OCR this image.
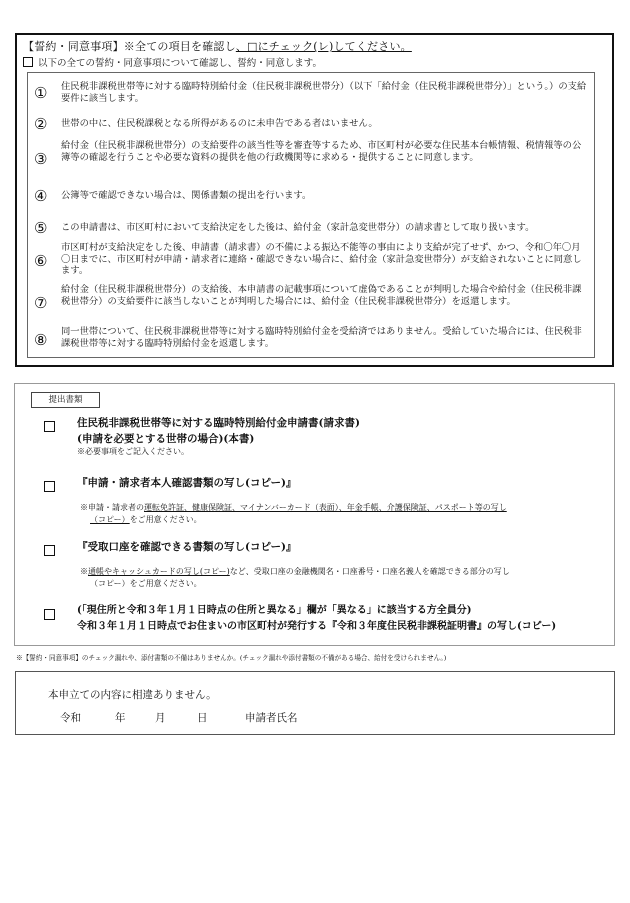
【誓約・同意事項】※全ての項目を確認し、□にチェック(レ)してください。
以下の全ての誓約・同意事項について確認し、誓約・同意します。
① 住民税非課税世帯等に対する臨時特別給付金（住民税非課税世帯分）（以下「給付金（住民税非課税世帯分）」という。）の支給要件に該当します。
② 世帯の中に、住民税課税となる所得があるのに未申告である者はいません。
③
給付金（住民税非課税世帯分）の支給要件の該当性等を審査等するため、市区町村が必要な住民基本台帳情報、税情報等の公簿等の確認を行うことや必要な資料の提供を他の行政機関等に求める・提供することに同意します。
④ 公簿等で確認できない場合は、関係書類の提出を行います。
⑤ この申請書は、市区町村において支給決定をした後は、給付金（家計急変世帯分）の請求書として取り扱います。
⑥
市区町村が支給決定をした後、申請書（請求書）の不備による振込不能等の事由により支給が完了せず、かつ、令和〇年〇月〇日までに、市区町村が申請・請求者に連絡・確認できない場合に、給付金（家計急変世帯分）が支給されないことに同意します。
⑦
給付金（住民税非課税世帯分）の支給後、本申請書の記載事項について虚偽であることが判明した場合や給付金（住民税非課税世帯分）の支給要件に該当しないことが判明した場合には、給付金（住民税非課税世帯分）を返還します。
⑧ 同一世帯について、住民税非課税世帯等に対する臨時特別給付金を受給済ではありません。受給していた場合には、住民税非課税世帯等に対する臨時特別給付金を返還します。
提出書類
住民税非課税世帯等に対する臨時特別給付金申請書(請求書)
(申請を必要とする世帯の場合)(本書)
※必要事項をご記入ください。
『申請・請求者本人確認書類の写し(コピー)』
※申請・請求者の運転免許証、健康保険証、マイナンバーカード（表面）、年金手帳、介護保険証、パスポート等の写し
（コピー）をご用意ください。
『受取口座を確認できる書類の写し(コピー)』
※通帳やキャッシュカードの写し(コピー)など、受取口座の金融機関名・口座番号・口座名義人を確認できる部分の写し
（コピー）をご用意ください。
(「現住所と令和３年１月１日時点の住所と異なる」欄が「異なる」に該当する方全員分)
令和３年１月１日時点でお住まいの市区町村が発行する『令和３年度住民税非課税証明書』の写し(コピー)
※【誓約・同意事項】のチェック漏れや、添付書類の不備はありませんか。(チェック漏れや添付書類の不備がある場合、給付を受けられません。)
本申立ての内容に相違ありません。
令和	年	月	日	申請者氏名
